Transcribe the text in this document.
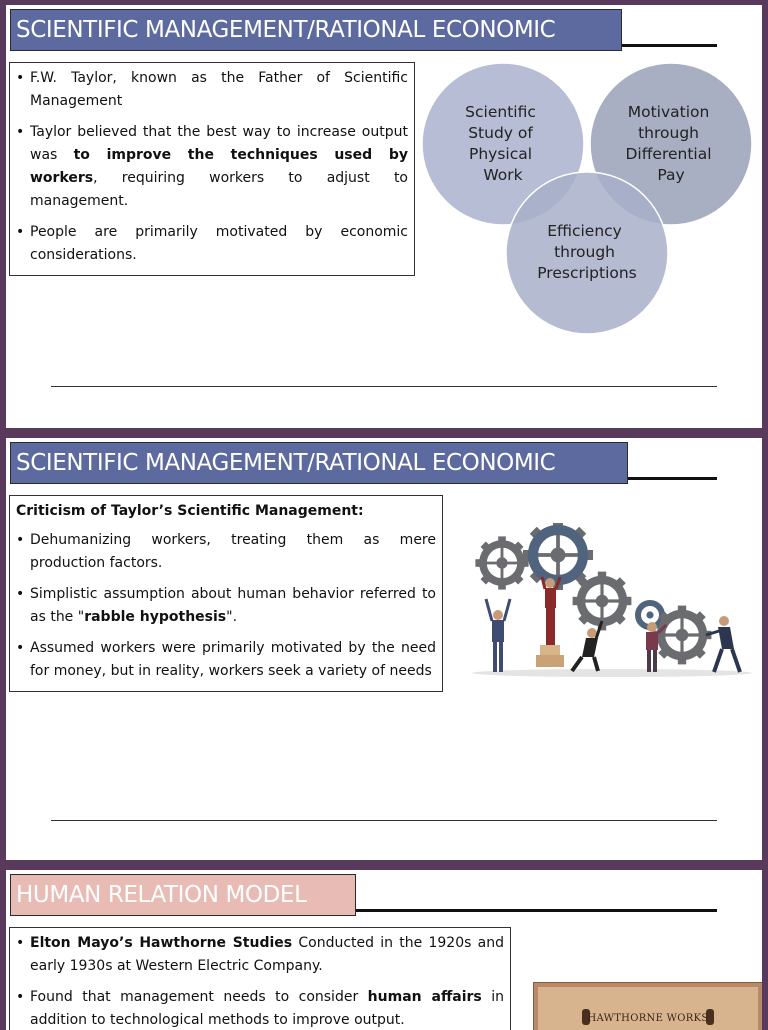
SCIENTIFIC MANAGEMENT/RATIONAL ECONOMIC
• F.W. Taylor, known as the Father of Scientific Management
• Taylor believed that the best way to increase output was to improve the techniques used by workers, requiring workers to adjust to management.
• People are primarily motivated by economic considerations.
Scientific Study of Physical Work
Motivation through Differential Pay
Efficiency through Prescriptions
SCIENTIFIC MANAGEMENT/RATIONAL ECONOMIC
Criticism of Taylor’s Scientific Management:
• Dehumanizing workers, treating them as mere production factors.
• Simplistic assumption about human behavior referred to as the "rabble hypothesis".
• Assumed workers were primarily motivated by the need for money, but in reality, workers seek a variety of needs
HUMAN RELATION MODEL
• Elton Mayo’s Hawthorne Studies Conducted in the 1920s and early 1930s at Western Electric Company.
• Found that management needs to consider human affairs in addition to technological methods to improve output.	HAWTHORNE WORKS
